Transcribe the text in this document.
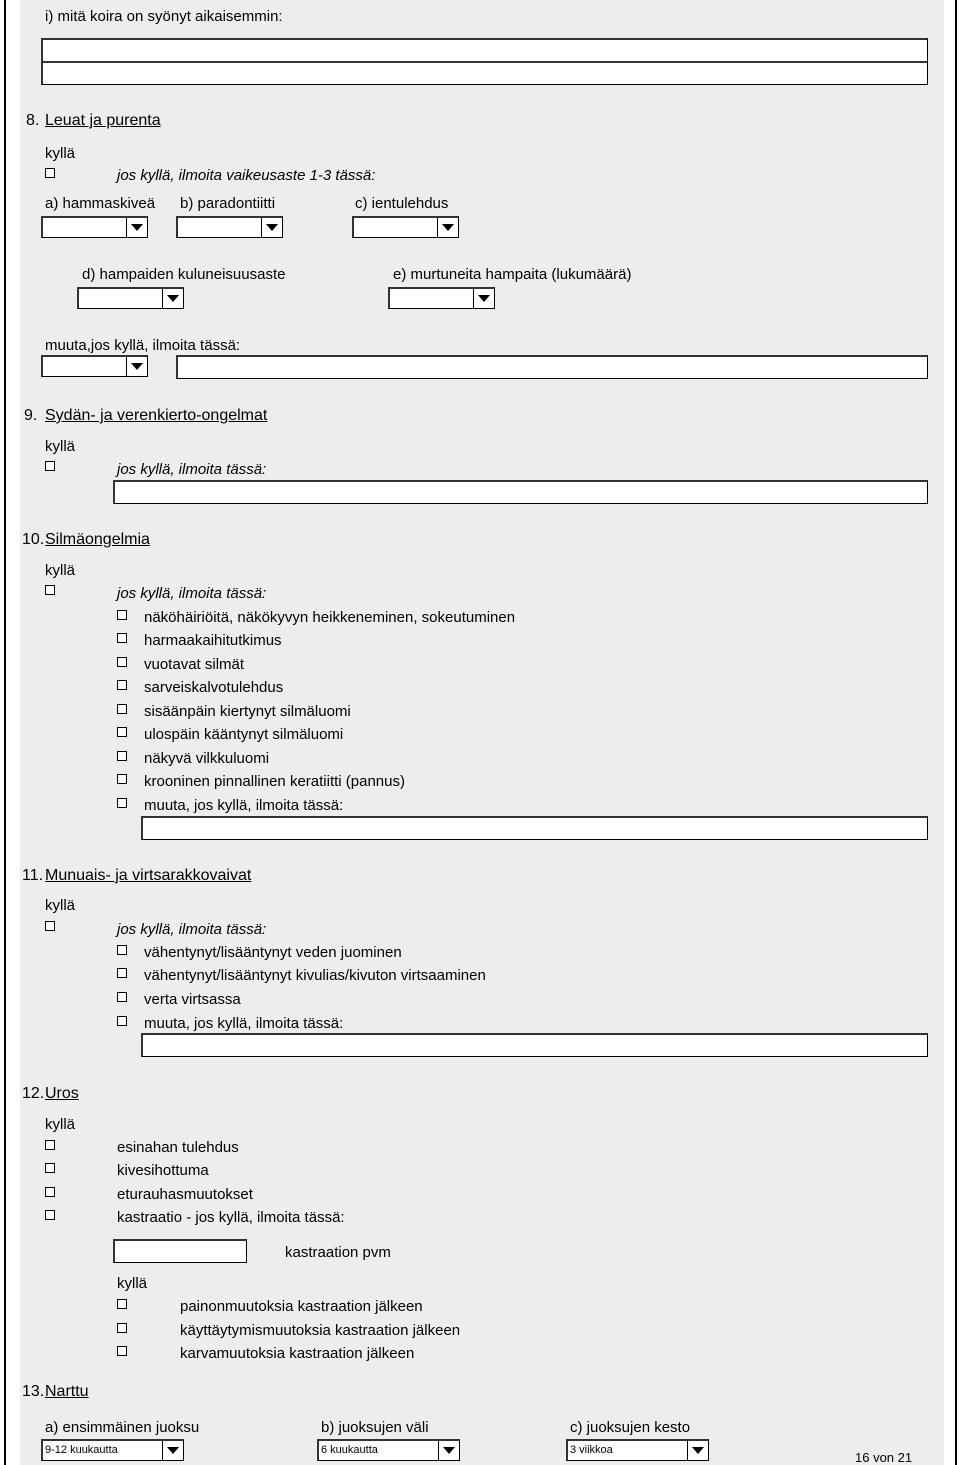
i) mitä koira on syönyt aikaisemmin:
8. Leuat ja purenta
kyllä
jos kyllä, ilmoita vaikeusaste 1-3 tässä:
a) hammaskiveä b) paradontiitti	c) ientulehdus
d) hampaiden kuluneisuusaste	e) murtuneita hampaita (lukumäärä)
muuta,jos kyllä, ilmoita tässä:
9. Sydän- ja verenkierto-ongelmat
kyllä
jos kyllä, ilmoita tässä:
10. Silmäongelmia
kyllä
jos kyllä, ilmoita tässä:
näköhäiriöitä, näkökyvyn heikkeneminen, sokeutuminen
harmaakaihitutkimus
vuotavat silmät
sarveiskalvotulehdus
sisäänpäin kiertynyt silmäluomi
ulospäin kääntynyt silmäluomi
näkyvä vilkkuluomi
krooninen pinnallinen keratiitti (pannus)
muuta, jos kyllä, ilmoita tässä:
11. Munuais- ja virtsarakkovaivat
kyllä
jos kyllä, ilmoita tässä:
vähentynyt/lisääntynyt veden juominen
vähentynyt/lisääntynyt kivulias/kivuton virtsaaminen
verta virtsassa
muuta, jos kyllä, ilmoita tässä:
12. Uros
kyllä
esinahan tulehdus
kivesihottuma
eturauhasmuutokset
kastraatio - jos kyllä, ilmoita tässä:
kastraation pvm
kyllä
painonmuutoksia kastraation jälkeen
käyttäytymismuutoksia kastraation jälkeen
karvamuutoksia kastraation jälkeen
13. Narttu
a) ensimmäinen juoksu	b) juoksujen väli	c) juoksujen kesto
9-12 kuukautta	6 kuukautta	3 viikkoa	16 von 21
